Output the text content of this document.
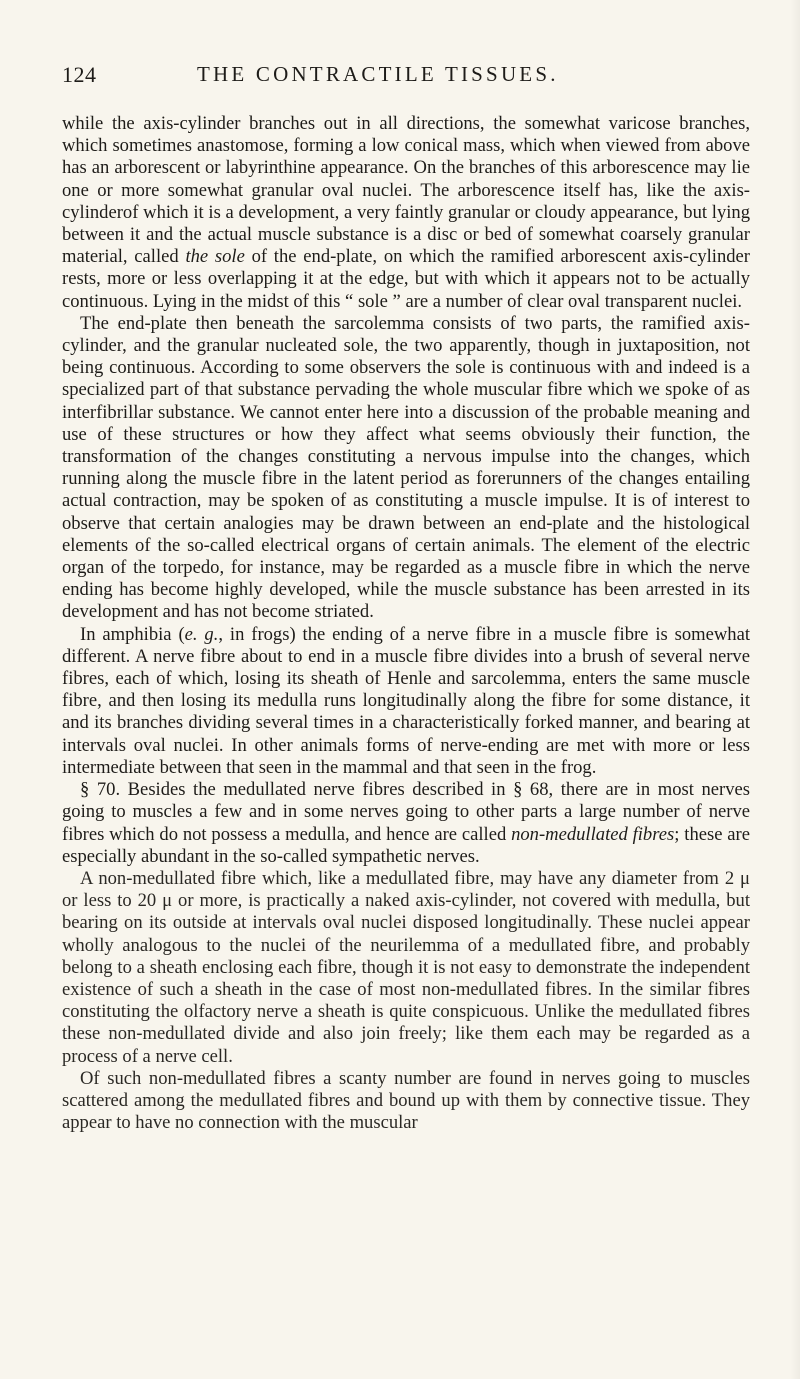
124	THE CONTRACTILE TISSUES.

while the axis-cylinder branches out in all directions, the somewhat varicose branches, which sometimes anastomose, forming a low conical mass, which when viewed from above has an arborescent or labyrinthine appearance. On the branches of this arborescence may lie one or more somewhat granular oval nuclei. The arborescence itself has, like the axis-cylinderof which it is a development, a very faintly granular or cloudy appearance, but lying between it and the actual muscle substance is a disc or bed of somewhat coarsely granular material, called the sole of the end-plate, on which the ramified arborescent axis-cylinder rests, more or less overlapping it at the edge, but with which it appears not to be actually continuous. Lying in the midst of this “ sole ” are a number of clear oval transparent nuclei.

The end-plate then beneath the sarcolemma consists of two parts, the ramified axis-cylinder, and the granular nucleated sole, the two apparently, though in juxtaposition, not being continuous. According to some observers the sole is continuous with and indeed is a specialized part of that substance pervading the whole muscular fibre which we spoke of as interfibrillar substance. We cannot enter here into a discussion of the probable meaning and use of these structures or how they affect what seems obviously their function, the transformation of the changes constituting a nervous impulse into the changes, which running along the muscle fibre in the latent period as forerunners of the changes entailing actual contraction, may be spoken of as constituting a muscle impulse. It is of interest to observe that certain analogies may be drawn between an end-plate and the histological elements of the so-called electrical organs of certain animals. The element of the electric organ of the torpedo, for instance, may be regarded as a muscle fibre in which the nerve ending has become highly developed, while the muscle substance has been arrested in its development and has not become striated.

In amphibia (e. g., in frogs) the ending of a nerve fibre in a muscle fibre is somewhat different. A nerve fibre about to end in a muscle fibre divides into a brush of several nerve fibres, each of which, losing its sheath of Henle and sarcolemma, enters the same muscle fibre, and then losing its medulla runs longitudinally along the fibre for some distance, it and its branches dividing several times in a characteristically forked manner, and bearing at intervals oval nuclei. In other animals forms of nerve-ending are met with more or less intermediate between that seen in the mammal and that seen in the frog.

§ 70. Besides the medullated nerve fibres described in § 68, there are in most nerves going to muscles a few and in some nerves going to other parts a large number of nerve fibres which do not possess a medulla, and hence are called non-medullated fibres; these are especially abundant in the so-called sympathetic nerves.

A non-medullated fibre which, like a medullated fibre, may have any diameter from 2 μ or less to 20 μ or more, is practically a naked axis-cylinder, not covered with medulla, but bearing on its outside at intervals oval nuclei disposed longitudinally. These nuclei appear wholly analogous to the nuclei of the neurilemma of a medullated fibre, and probably belong to a sheath enclosing each fibre, though it is not easy to demonstrate the independent existence of such a sheath in the case of most non-medullated fibres. In the similar fibres constituting the olfactory nerve a sheath is quite conspicuous. Unlike the medullated fibres these non-medullated divide and also join freely; like them each may be regarded as a process of a nerve cell.

Of such non-medullated fibres a scanty number are found in nerves going to muscles scattered among the medullated fibres and bound up with them by connective tissue. They appear to have no connection with the muscular
